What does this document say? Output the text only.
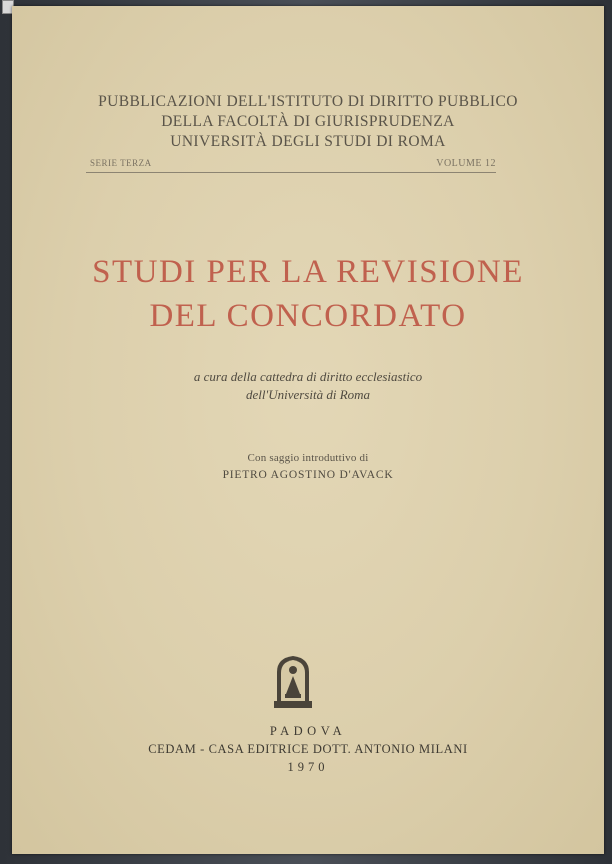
PUBBLICAZIONI DELL'ISTITUTO DI DIRITTO PUBBLICO
DELLA FACOLTÀ DI GIURISPRUDENZA
UNIVERSITÀ DEGLI STUDI DI ROMA
SERIE TERZA	VOLUME 12
STUDI PER LA REVISIONE
DEL CONCORDATO
a cura della cattedra di diritto ecclesiastico
dell'Università di Roma
Con saggio introduttivo di
PIETRO AGOSTINO D'AVACK
PADOVA
CEDAM - CASA EDITRICE DOTT. ANTONIO MILANI
1970
